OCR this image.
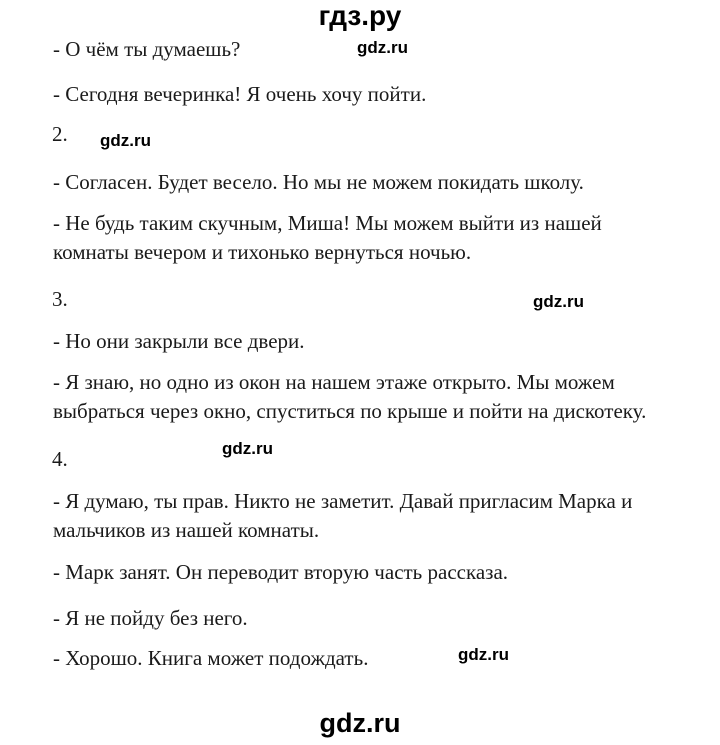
гдз.ру
gdz.ru
- О чём ты думаешь?
- Сегодня вечеринка! Я очень хочу пойти.
2. gdz.ru
- Согласен. Будет весело. Но мы не можем покидать школу.
- Не будь таким скучным, Миша! Мы можем выйти из нашей
комнаты вечером и тихонько вернуться ночью.
3.	gdz.ru
- Но они закрыли все двери.
- Я знаю, но одно из окон на нашем этаже открыто. Мы можем
выбраться через окно, спуститься по крыше и пойти на дискотеку.
4.	gdz.ru
- Я думаю, ты прав. Никто не заметит. Давай пригласим Марка и
мальчиков из нашей комнаты.
- Марк занят. Он переводит вторую часть рассказа.
- Я не пойду без него.
- Хорошо. Книга может подождать.	gdz.ru
gdz.ru
